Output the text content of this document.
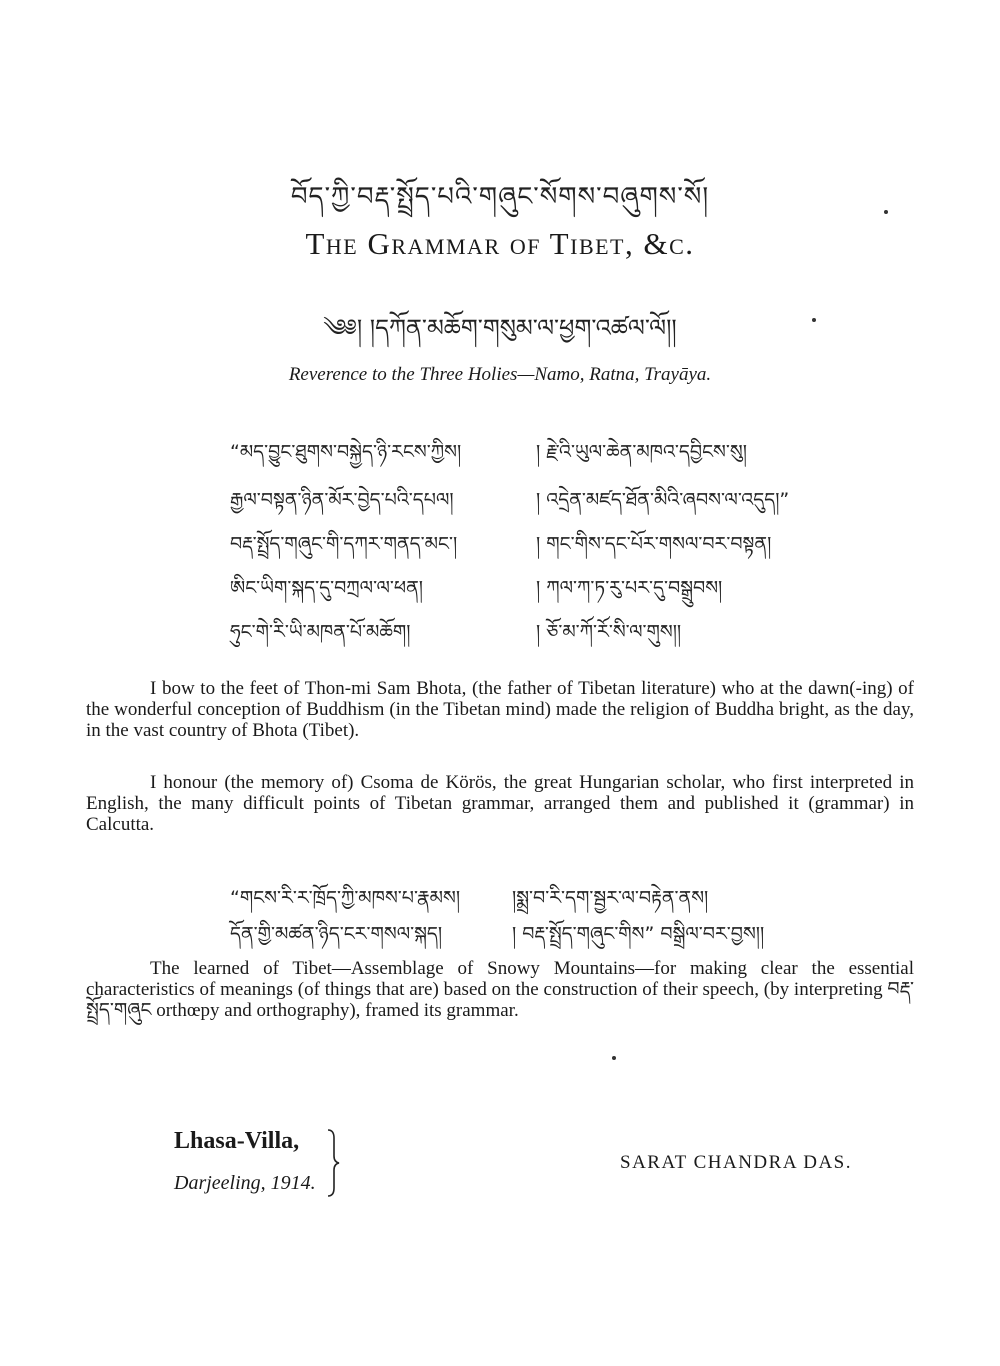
བོད་ཀྱི་བརྡ་སྤྲོད་པའི་གཞུང་སོགས་བཞུགས་སོ།
The Grammar of Tibet, &c.
༄༅། །དཀོན་མཆོག་གསུམ་ལ་ཕྱག་འཚལ་ལོ།།
Reverence to the Three Holies—Namo, Ratna, Trayāya.
“མད་བྱུང་ཐུགས་བསྐྱེད་ཉི་རངས་ཀྱིས།
རྒྱལ་བསྟན་ཉིན་མོར་བྱེད་པའི་དཔལ།
བརྡ་སྤྲོད་གཞུང་གི་དཀར་གནད་མང་།
ཨིང་ཡིག་སྐད་དུ་བཀྲལ་ལ་ཕན།
ཧུང་གེ་རི་ཡི་མཁན་པོ་མཆོག།
། རྗེ་འི་ཡུལ་ཆེན་མཁའ་དབྱིངས་སུ།
། འདྲེན་མཛད་ཐོན་མིའི་ཞབས་ལ་འདུད།”
། གང་གིས་དང་པོར་གསལ་བར་བསྟན།
། ཀལ་ཀ་ཏ་རུ་པར་དུ་བསྒྲུབས།
། ཅོ་མ་ཀོ་རོ་སི་ལ་གུས།།

I bow to the feet of Thon-mi Sam Bhota, (the father of Tibetan literature) who at the dawn(-ing) of the wonderful conception of Buddhism (in the Tibetan mind) made the religion of Buddha bright, as the day, in the vast country of Bhota (Tibet).

I honour (the memory of) Csoma de Körös, the great Hungarian scholar, who first interpreted in English, the many difficult points of Tibetan grammar, arranged them and published it (grammar) in Calcutta.

“གངས་རི་ར་ཁྲོད་ཀྱི་མཁས་པ་རྣམས།
དོན་གྱི་མཚན་ཉིད་ངར་གསལ་སྐད།
།སྨྲ་བ་རི་དག་སྦྱར་ལ་བརྟེན་ནས།
། བརྡ་སྤྲོད་གཞུང་གིས” བསྒྲིལ་བར་བྱས།།

The learned of Tibet—Assemblage of Snowy Mountains—for making clear the essential characteristics of meanings (of things that are) based on the construction of their speech, (by interpreting བརྡ་སྤྲོད་གཞུང orthœpy and orthography), framed its grammar.

Lhasa-Villa,
Darjeeling, 1914.
SARAT CHANDRA DAS.
